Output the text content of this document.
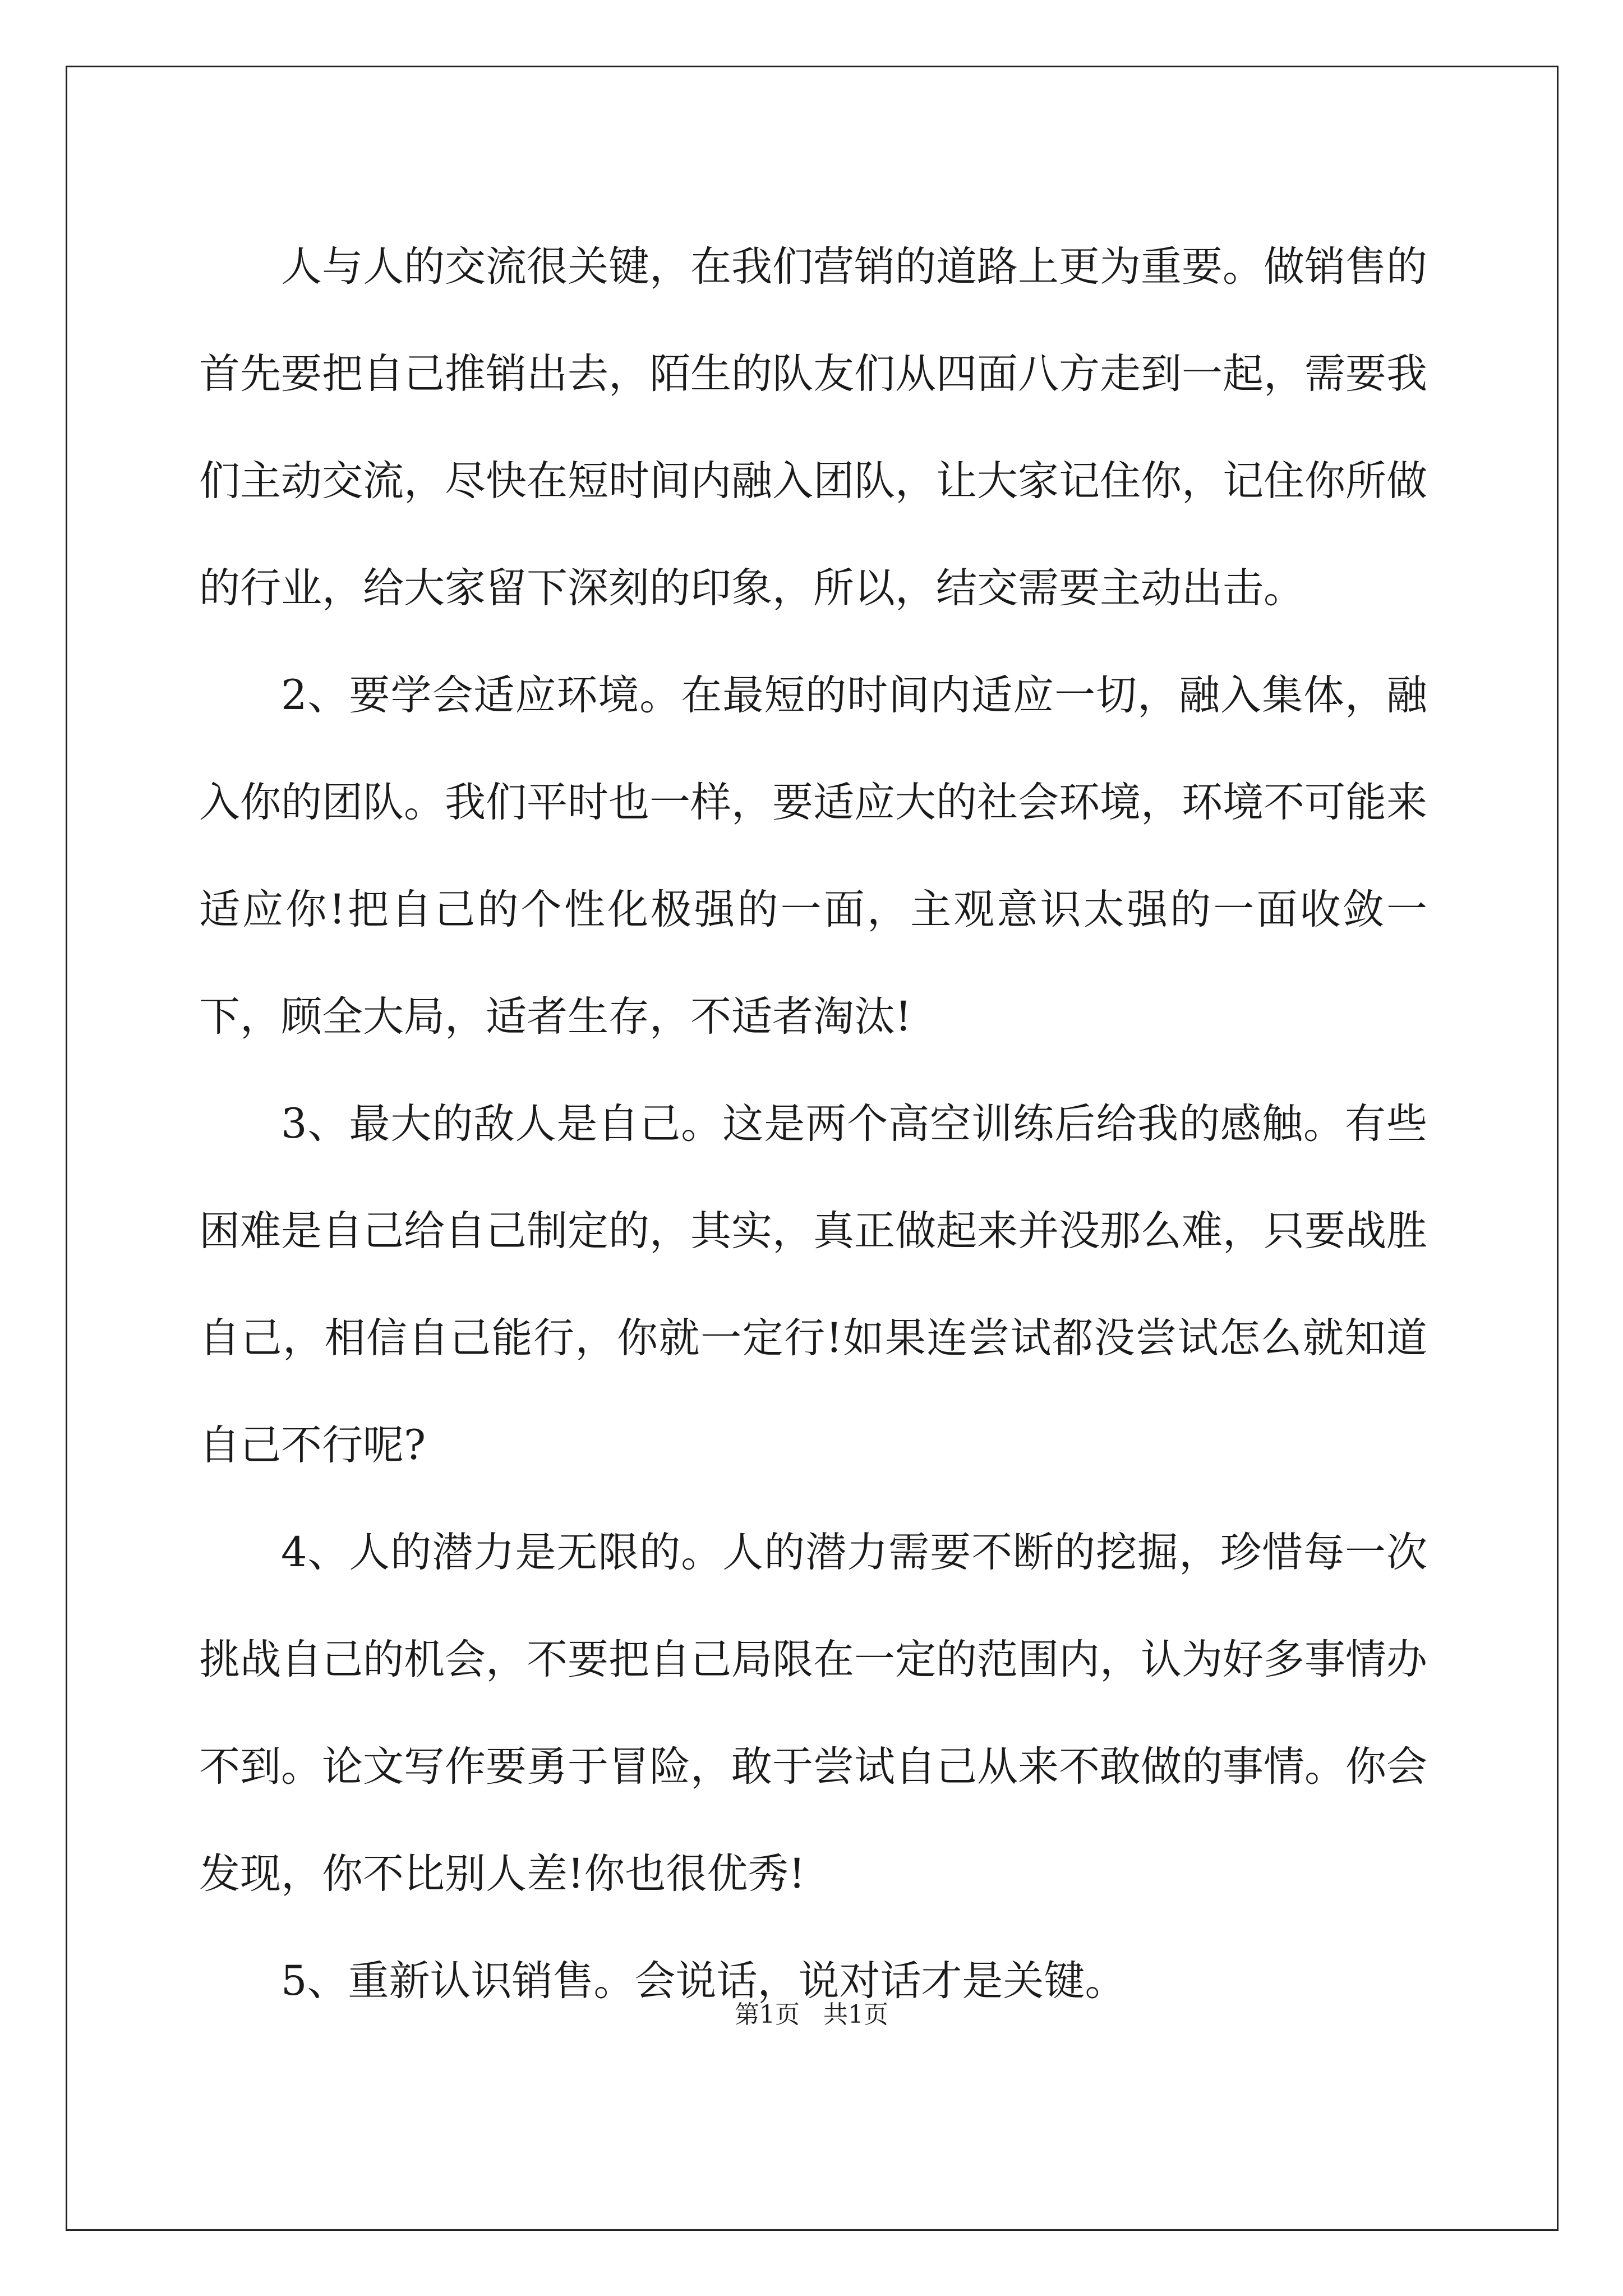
人与人的交流很关键，在我们营销的道路上更为重要。做销售的首先要把自己推销出去，陌生的队友们从四面八方走到一起，需要我们主动交流，尽快在短时间内融入团队，让大家记住你，记住你所做的行业，给大家留下深刻的印象，所以，结交需要主动出击。

2、要学会适应环境。在最短的时间内适应一切，融入集体，融入你的团队。我们平时也一样，要适应大的社会环境，环境不可能来适应你!把自己的个性化极强的一面，主观意识太强的一面收敛一下，顾全大局，适者生存，不适者淘汰!

3、最大的敌人是自己。这是两个高空训练后给我的感触。有些困难是自己给自己制定的，其实，真正做起来并没那么难，只要战胜自己，相信自己能行，你就一定行!如果连尝试都没尝试怎么就知道自己不行呢?

4、人的潜力是无限的。人的潜力需要不断的挖掘，珍惜每一次挑战自己的机会，不要把自己局限在一定的范围内，认为好多事情办不到。论文写作要勇于冒险，敢于尝试自己从来不敢做的事情。你会发现，你不比别人差!你也很优秀!

5、重新认识销售。会说话，说对话才是关键。

第1页   共1页
